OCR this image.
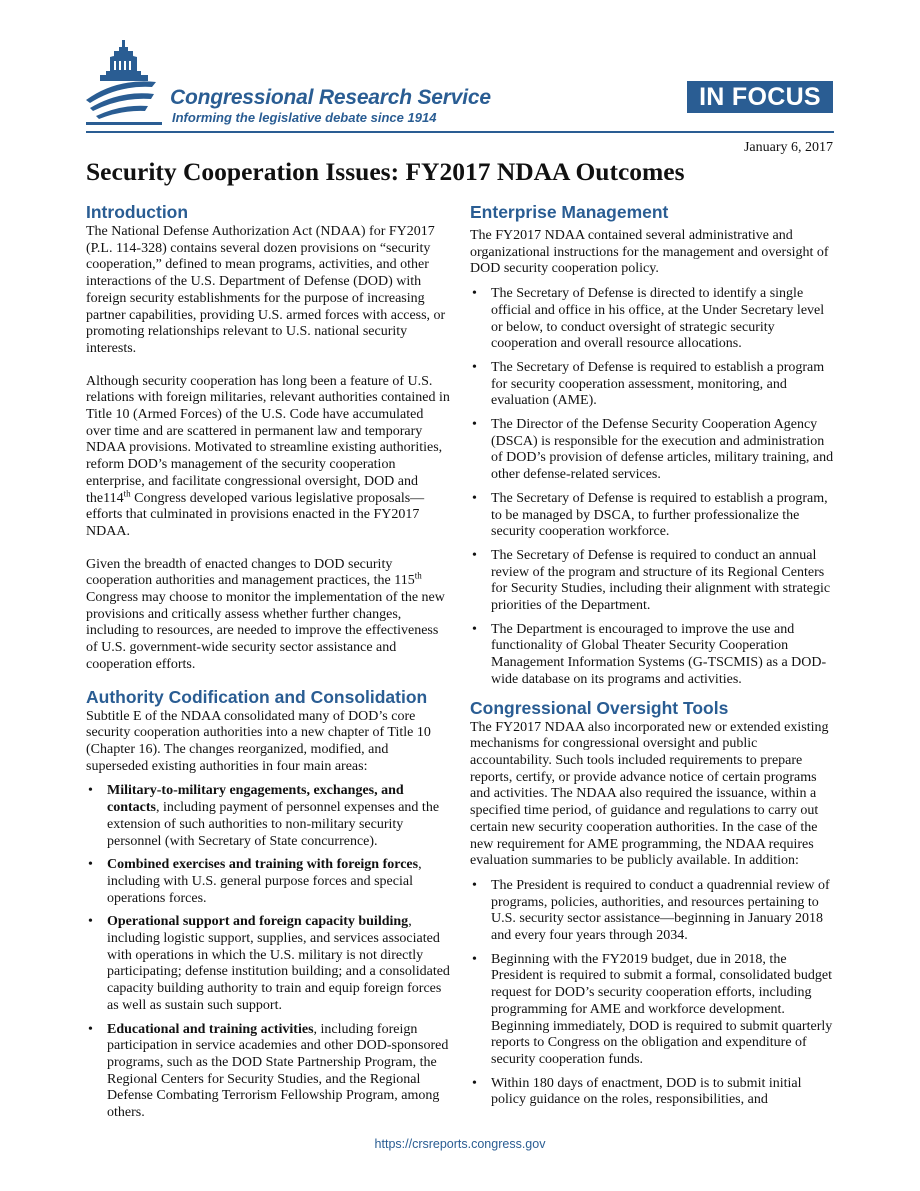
Congressional Research Service
Informing the legislative debate since 1914
IN FOCUS
January 6, 2017
Security Cooperation Issues: FY2017 NDAA Outcomes
Introduction

The National Defense Authorization Act (NDAA) for FY2017 (P.L. 114-328) contains several dozen provisions on “security cooperation,” defined to mean programs, activities, and other interactions of the U.S. Department of Defense (DOD) with foreign security establishments for the purpose of increasing partner capabilities, providing U.S. armed forces with access, or promoting relationships relevant to U.S. national security interests.

Although security cooperation has long been a feature of U.S. relations with foreign militaries, relevant authorities contained in Title 10 (Armed Forces) of the U.S. Code have accumulated over time and are scattered in permanent law and temporary NDAA provisions. Motivated to streamline existing authorities, reform DOD’s management of the security cooperation enterprise, and facilitate congressional oversight, DOD and the114th Congress developed various legislative proposals—efforts that culminated in provisions enacted in the FY2017 NDAA.

Given the breadth of enacted changes to DOD security cooperation authorities and management practices, the 115th Congress may choose to monitor the implementation of the new provisions and critically assess whether further changes, including to resources, are needed to improve the effectiveness of U.S. government-wide security sector assistance and cooperation efforts.

Authority Codification and Consolidation

Subtitle E of the NDAA consolidated many of DOD’s core security cooperation authorities into a new chapter of Title 10 (Chapter 16). The changes reorganized, modified, and superseded existing authorities in four main areas:

• Military-to-military engagements, exchanges, and contacts, including payment of personnel expenses and the extension of such authorities to non-military security personnel (with Secretary of State concurrence).
• Combined exercises and training with foreign forces, including with U.S. general purpose forces and special operations forces.
• Operational support and foreign capacity building, including logistic support, supplies, and services associated with operations in which the U.S. military is not directly participating; defense institution building; and a consolidated capacity building authority to train and equip foreign forces as well as sustain such support.
• Educational and training activities, including foreign participation in service academies and other DOD-sponsored programs, such as the DOD State Partnership Program, the Regional Centers for Security Studies, and the Regional Defense Combating Terrorism Fellowship Program, among others.
Enterprise Management

The FY2017 NDAA contained several administrative and organizational instructions for the management and oversight of DOD security cooperation policy.

• The Secretary of Defense is directed to identify a single official and office in his office, at the Under Secretary level or below, to conduct oversight of strategic security cooperation and overall resource allocations.
• The Secretary of Defense is required to establish a program for security cooperation assessment, monitoring, and evaluation (AME).
• The Director of the Defense Security Cooperation Agency (DSCA) is responsible for the execution and administration of DOD’s provision of defense articles, military training, and other defense-related services.
• The Secretary of Defense is required to establish a program, to be managed by DSCA, to further professionalize the security cooperation workforce.
• The Secretary of Defense is required to conduct an annual review of the program and structure of its Regional Centers for Security Studies, including their alignment with strategic priorities of the Department.
• The Department is encouraged to improve the use and functionality of Global Theater Security Cooperation Management Information Systems (G-TSCMIS) as a DOD-wide database on its programs and activities.
Congressional Oversight Tools

The FY2017 NDAA also incorporated new or extended existing mechanisms for congressional oversight and public accountability. Such tools included requirements to prepare reports, certify, or provide advance notice of certain programs and activities. The NDAA also required the issuance, within a specified time period, of guidance and regulations to carry out certain new security cooperation authorities. In the case of the new requirement for AME programming, the NDAA requires evaluation summaries to be publicly available. In addition:

• The President is required to conduct a quadrennial review of programs, policies, authorities, and resources pertaining to U.S. security sector assistance—beginning in January 2018 and every four years through 2034.
• Beginning with the FY2019 budget, due in 2018, the President is required to submit a formal, consolidated budget request for DOD’s security cooperation efforts, including programming for AME and workforce development. Beginning immediately, DOD is required to submit quarterly reports to Congress on the obligation and expenditure of security cooperation funds.
• Within 180 days of enactment, DOD is to submit initial policy guidance on the roles, responsibilities, and
https://crsreports.congress.gov
